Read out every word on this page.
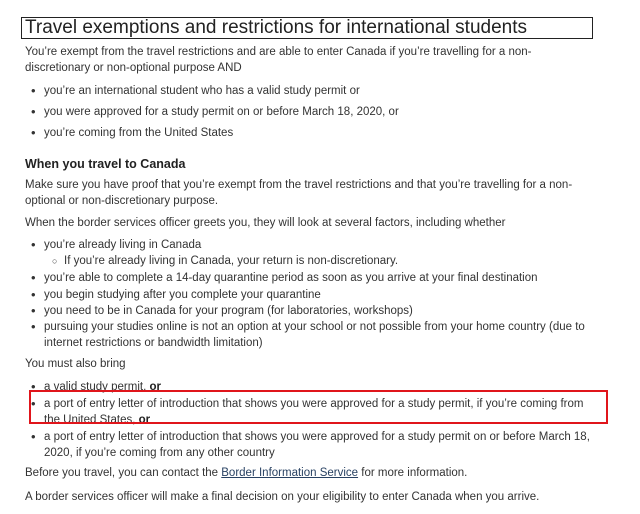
Travel exemptions and restrictions for international students

You’re exempt from the travel restrictions and are able to enter Canada if you’re travelling for a non-discretionary or non-optional purpose AND

• you’re an international student who has a valid study permit or
• you were approved for a study permit on or before March 18, 2020, or
• you’re coming from the United States
When you travel to Canada

Make sure you have proof that you’re exempt from the travel restrictions and that you’re travelling for a non-optional or non-discretionary purpose.

When the border services officer greets you, they will look at several factors, including whether

• you’re already living in Canada
○ If you’re already living in Canada, your return is non-discretionary.
• you’re able to complete a 14-day quarantine period as soon as you arrive at your final destination
• you begin studying after you complete your quarantine
• you need to be in Canada for your program (for laboratories, workshops)
• pursuing your studies online is not an option at your school or not possible from your home country (due to internet restrictions or bandwidth limitation)

You must also bring

• a valid study permit, or
• a port of entry letter of introduction that shows you were approved for a study permit, if you’re coming from the United States, or
• a port of entry letter of introduction that shows you were approved for a study permit on or before March 18, 2020, if you’re coming from any other country

Before you travel, you can contact the Border Information Service for more information.

A border services officer will make a final decision on your eligibility to enter Canada when you arrive.
